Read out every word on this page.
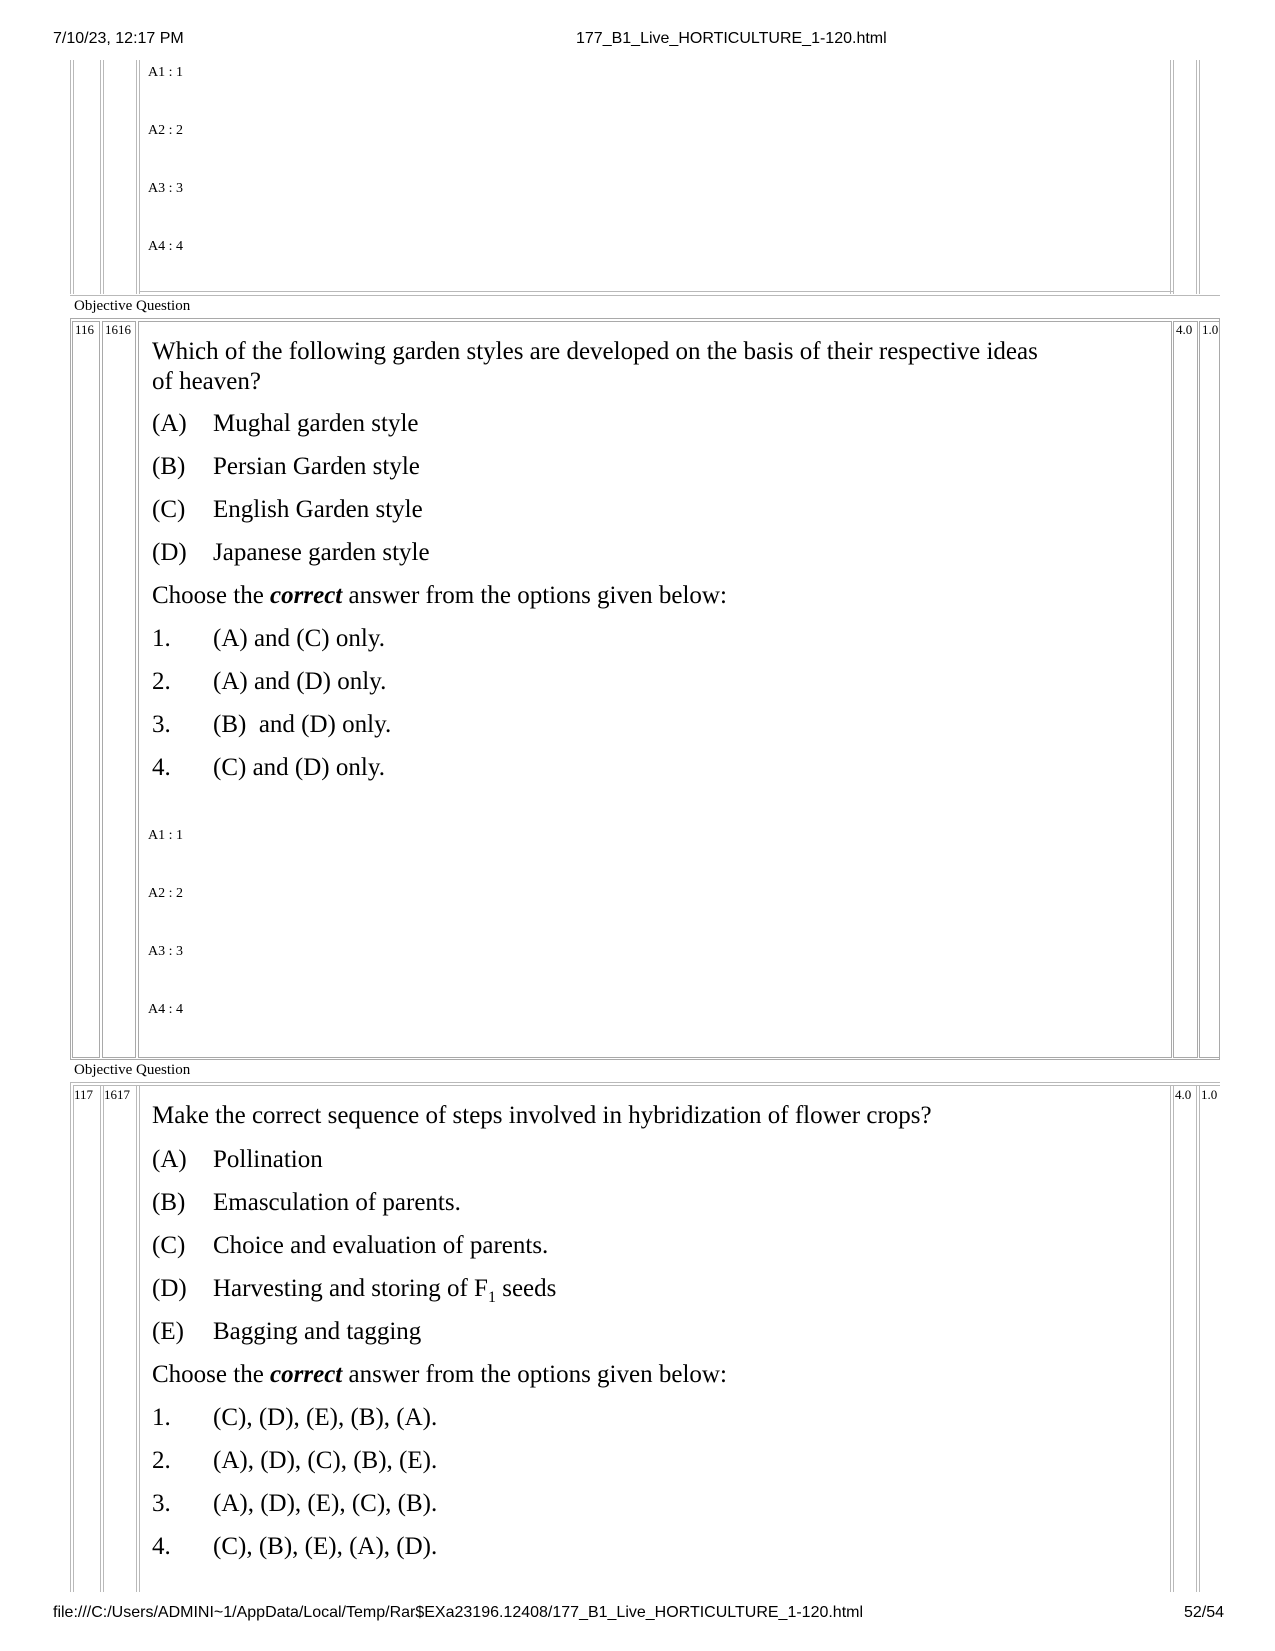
7/10/23, 12:17 PM	177_B1_Live_HORTICULTURE_1-120.html
A1 : 1
A2 : 2
A3 : 3
A4 : 4
Objective Question
116 1616	4.0 1.0
Which of the following garden styles are developed on the basis of their respective ideas
of heaven?
(A) Mughal garden style
(B) Persian Garden style
(C) English Garden style
(D) Japanese garden style
Choose the correct answer from the options given below:
1. (A) and (C) only.
2. (A) and (D) only.
3. (B)  and (D) only.
4. (C) and (D) only.
A1 : 1
A2 : 2
A3 : 3
A4 : 4
Objective Question
117 1617	4.0 1.0
Make the correct sequence of steps involved in hybridization of flower crops?
(A) Pollination
(B) Emasculation of parents.
(C) Choice and evaluation of parents.
(D) Harvesting and storing of $F_1$ seeds
(E) Bagging and tagging
Choose the correct answer from the options given below:
1. (C), (D), (E), (B), (A).
2. (A), (D), (C), (B), (E).
3. (A), (D), (E), (C), (B).
4. (C), (B), (E), (A), (D).
file:///C:/Users/ADMINI~1/AppData/Local/Temp/Rar$EXa23196.12408/177_B1_Live_HORTICULTURE_1-120.html	52/54
